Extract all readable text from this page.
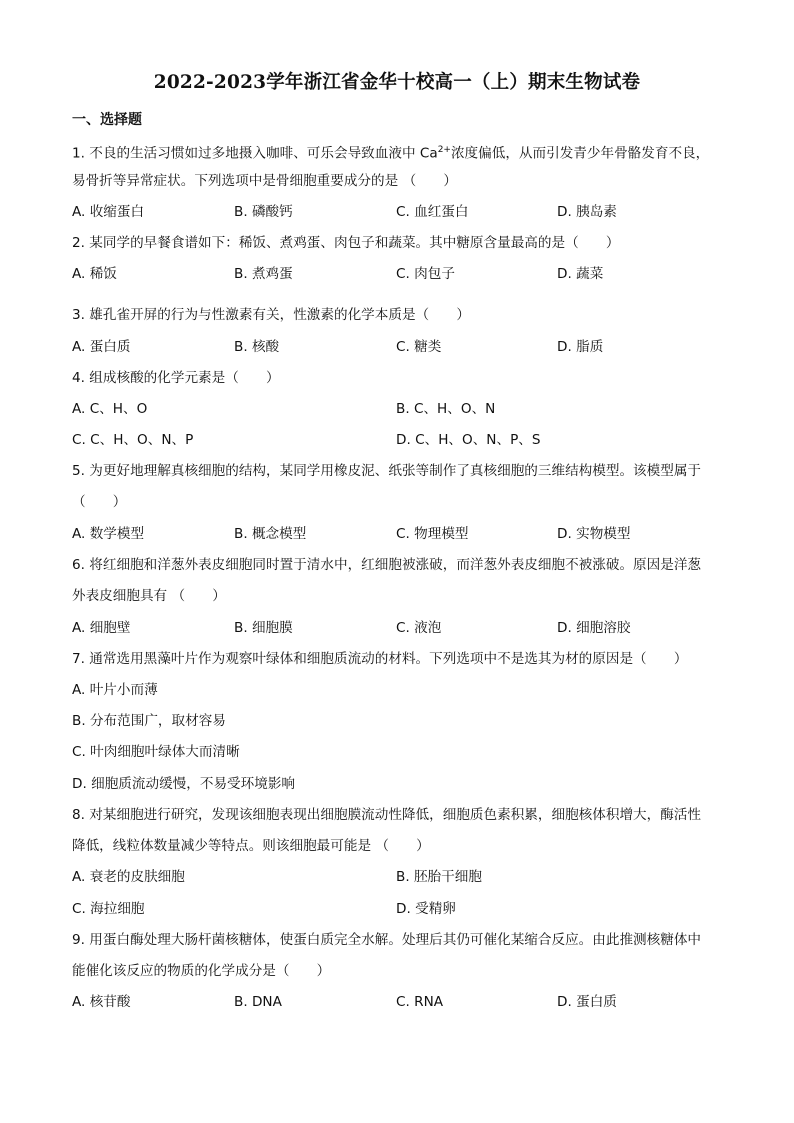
2022-2023学年浙江省金华十校高一（上）期末生物试卷
一、选择题
1. 不良的生活习惯如过多地摄入咖啡、可乐会导致血液中 $Ca^{2+}$浓度偏低，从而引发青少年骨骼发育不良，
易骨折等异常症状。下列选项中是骨细胞重要成分的是 （　　）
A. 收缩蛋白	B. 磷酸钙	C. 血红蛋白	D. 胰岛素
2. 某同学的早餐食谱如下：稀饭、煮鸡蛋、肉包子和蔬菜。其中糖原含量最高的是（　　）
A. 稀饭	B. 煮鸡蛋	C. 肉包子	D. 蔬菜
3. 雄孔雀开屏的行为与性激素有关，性激素的化学本质是（　　）
A. 蛋白质	B. 核酸	C. 糖类	D. 脂质
4. 组成核酸的化学元素是（　　）
A. C、H、O	B. C、H、O、N
C. C、H、O、N、P	D. C、H、O、N、P、S
5. 为更好地理解真核细胞的结构，某同学用橡皮泥、纸张等制作了真核细胞的三维结构模型。该模型属于
（　　）
A. 数学模型	B. 概念模型	C. 物理模型	D. 实物模型
6. 将红细胞和洋葱外表皮细胞同时置于清水中，红细胞被涨破，而洋葱外表皮细胞不被涨破。原因是洋葱
外表皮细胞具有 （　　）
A. 细胞壁	B. 细胞膜	C. 液泡	D. 细胞溶胶
7. 通常选用黑藻叶片作为观察叶绿体和细胞质流动的材料。下列选项中不是选其为材的原因是（　　）
A. 叶片小而薄
B. 分布范围广，取材容易
C. 叶肉细胞叶绿体大而清晰
D. 细胞质流动缓慢，不易受环境影响
8. 对某细胞进行研究，发现该细胞表现出细胞膜流动性降低，细胞质色素积累，细胞核体积增大，酶活性
降低，线粒体数量减少等特点。则该细胞最可能是 （　　）
A. 衰老的皮肤细胞	B. 胚胎干细胞
C. 海拉细胞	D. 受精卵
9. 用蛋白酶处理大肠杆菌核糖体，使蛋白质完全水解。处理后其仍可催化某缩合反应。由此推测核糖体中
能催化该反应的物质的化学成分是（　　）
A. 核苷酸	B. DNA	C. RNA	D. 蛋白质
